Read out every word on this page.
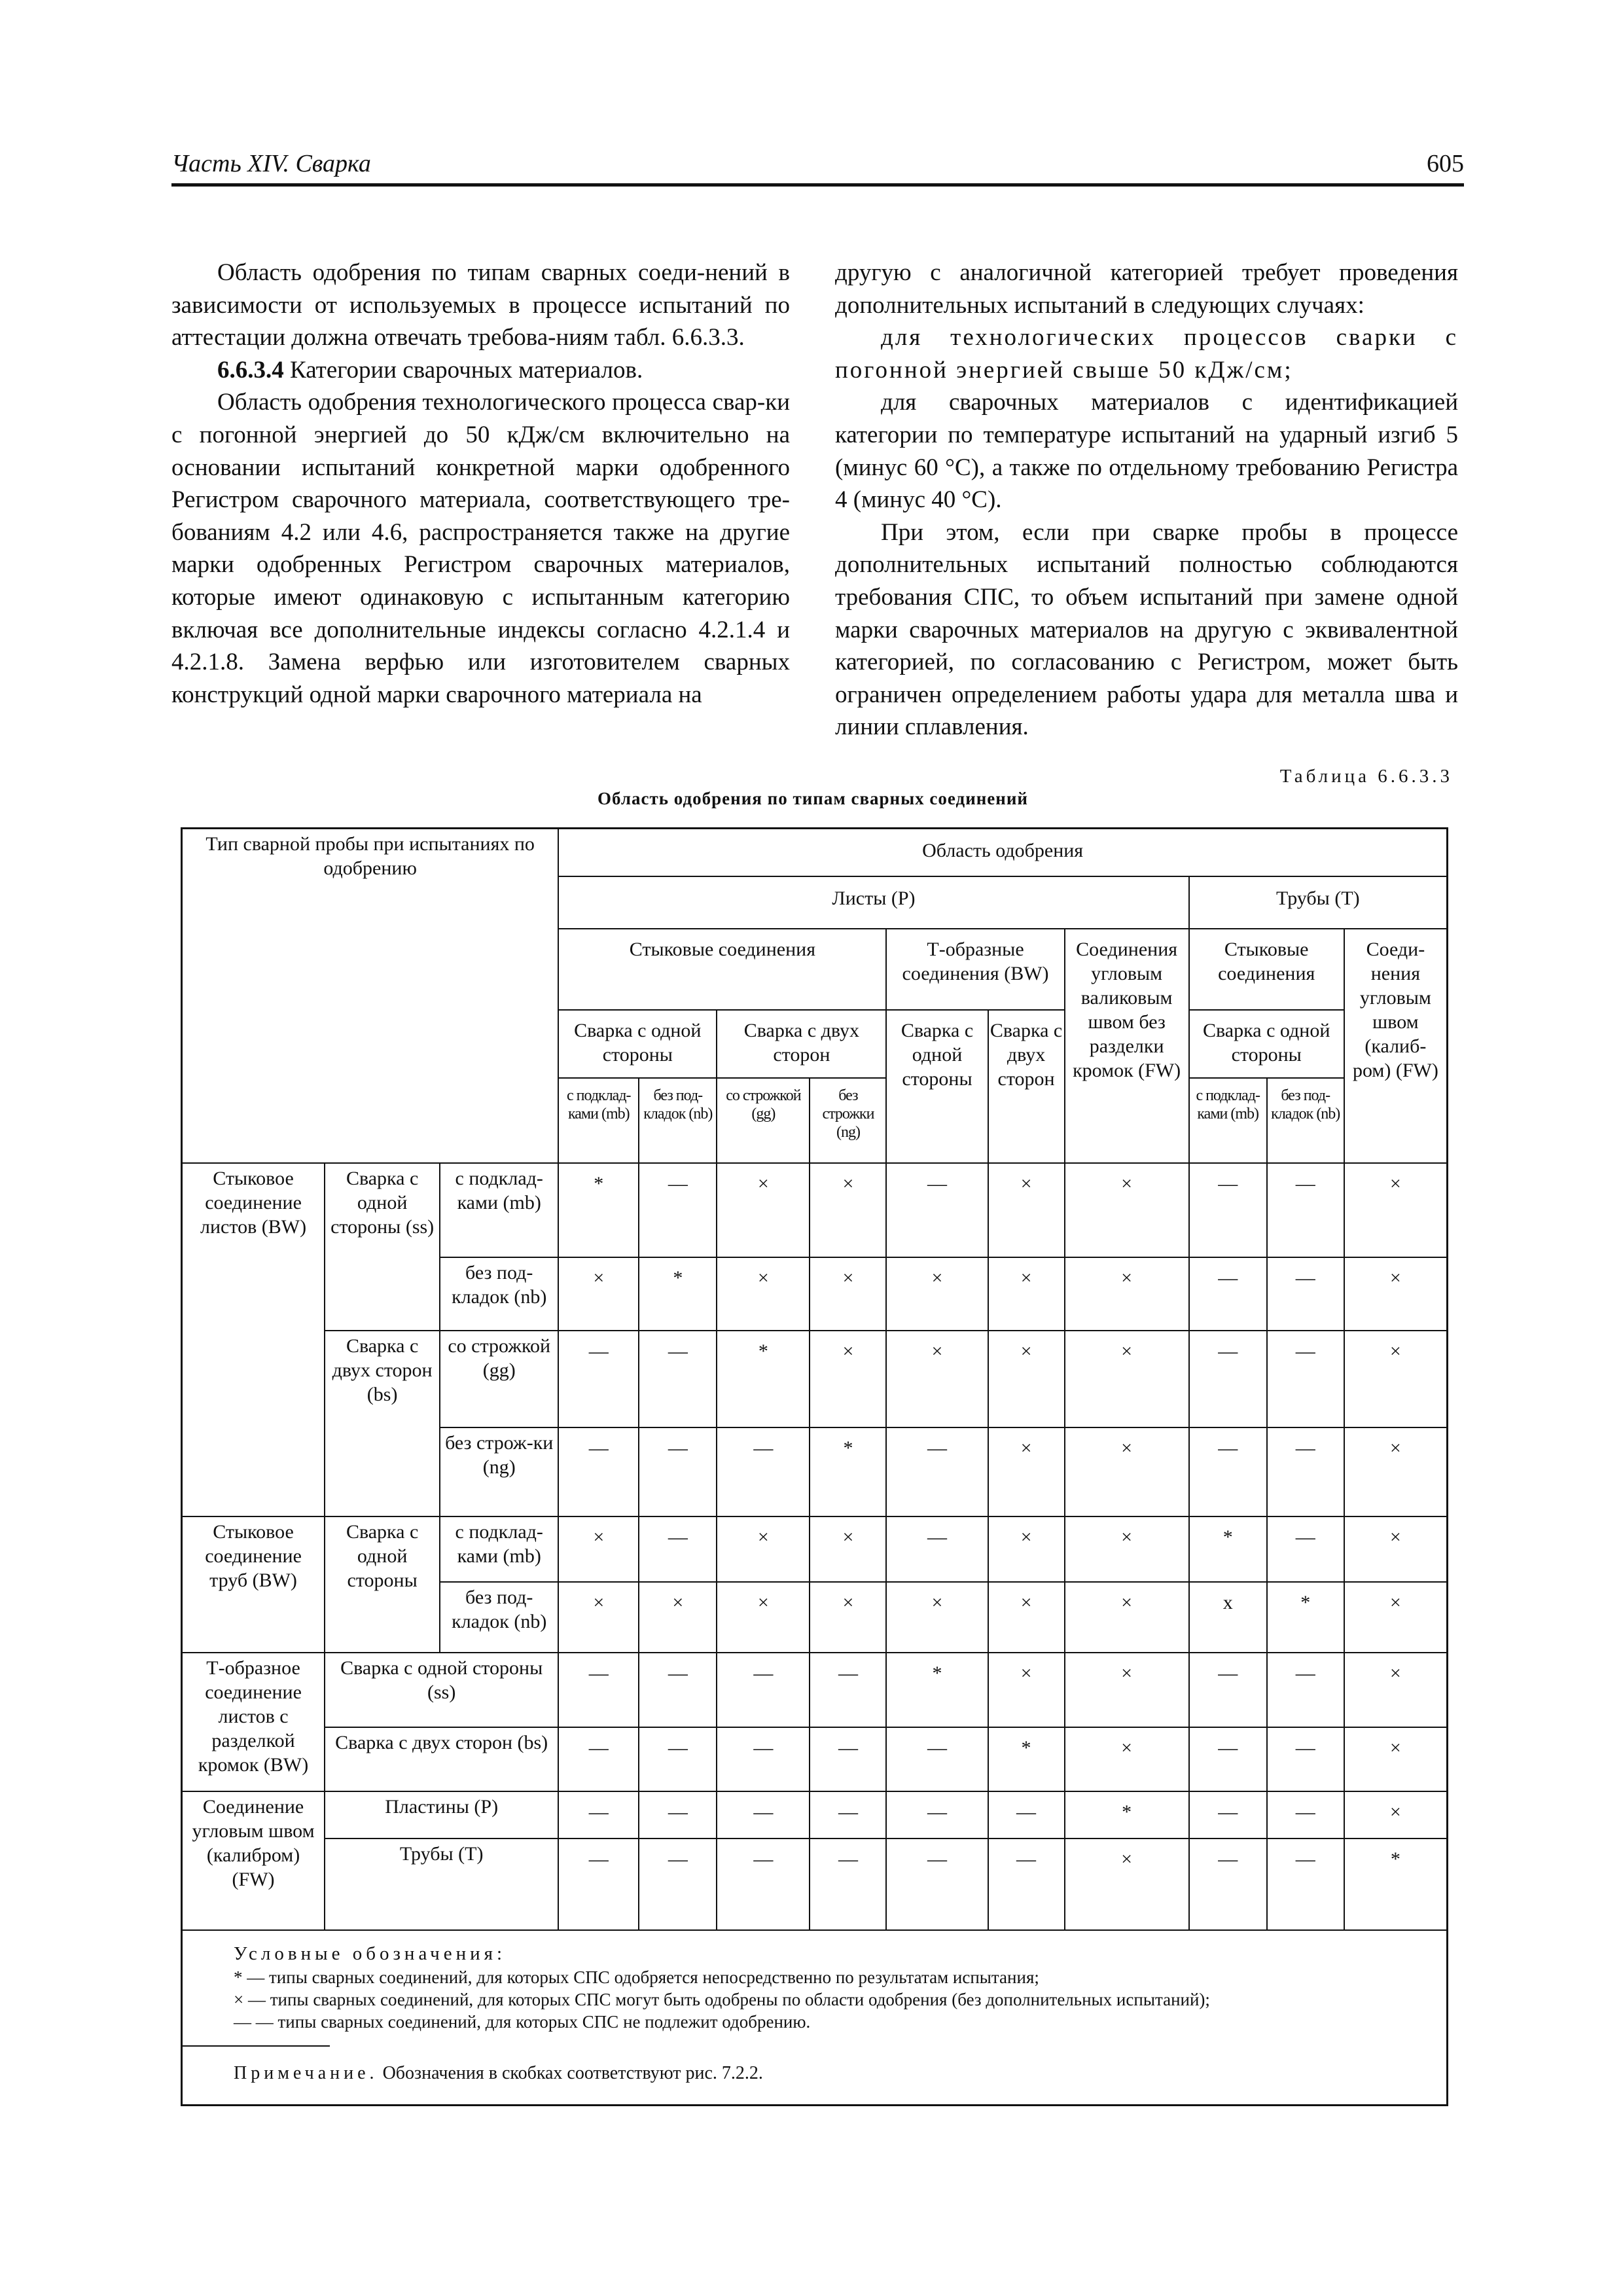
Часть XIV. Сварка	605

Область одобрения по типам сварных соеди-нений в зависимости от используемых в процессе испытаний по аттестации должна отвечать требова-ниям табл. 6.6.3.3.

6.6.3.4 Категории сварочных материалов.

Область одобрения технологического процесса свар-ки с погонной энергией до 50 кДж/см включительно на основании испытаний конкретной марки одобренного Регистром сварочного материала, соответствующего тре-бованиям 4.2 или 4.6, распространяется также на другие марки одобренных Регистром сварочных материалов, которые имеют одинаковую с испытанным категорию включая все дополнительные индексы согласно 4.2.1.4 и 4.2.1.8. Замена верфью или изготовителем сварных конструкций одной марки сварочного материала на

другую с аналогичной категорией требует проведения дополнительных испытаний в следующих случаях:

для технологических процессов сварки с погонной энергией свыше 50 кДж/см;

для сварочных материалов с идентификацией категории по температуре испытаний на ударный изгиб 5 (минус 60 °С), а также по отдельному требованию Регистра 4 (минус 40 °С).

При этом, если при сварке пробы в процессе дополнительных испытаний полностью соблюдаются требования СПС, то объем испытаний при замене одной марки сварочных материалов на другую с эквивалентной категорией, по согласованию с Регистром, может быть ограничен определением работы удара для металла шва и линии сплавления.

Таблица 6.6.3.3
Область одобрения по типам сварных соединений
Тип сварной пробы при испытаниях по одобрению			Область одобрения									
			Листы (P)							Трубы (T)		
			Стыковые соединения				Т-образные соединения (BW)		Соединения угловым валиковым швом без разделки кромок (FW)	Стыковые соединения		Соеди-нения угловым швом (калиб-ром) (FW)
			Сварка с одной стороны		Сварка с двух сторон		Сварка с одной стороны	Сварка с двух сторон		Сварка с одной стороны		
			с подклад-ками (mb)	без под-кладок (nb)	со строжкой (gg)	без строжки (ng)				с подклад-ками (mb)	без под-кладок (nb)	
Стыковое соединение листов (BW)	Сварка с одной стороны (ss)	с подклад-ками (mb)	*	—	×	×	—	×	×	—	—	×
		без под-кладок (nb)	×	*	×	×	×	×	×	—	—	×
	Сварка с двух сторон (bs)	со строжкой (gg)	—	—	*	×	×	×	×	—	—	×
		без строж-ки (ng)	—	—	—	*	—	×	×	—	—	×
Стыковое соединение труб (BW)	Сварка с одной стороны	с подклад-ками (mb)	×	—	×	×	—	×	×	*	—	×
		без под-кладок (nb)	×	×	×	×	×	×	×	x	*	×
Т-образное соединение листов с разделкой кромок (BW)	Сварка с одной стороны (ss)		—	—	—	—	*	×	×	—	—	×
	Сварка с двух сторон (bs)		—	—	—	—	—	*	×	—	—	×
Соединение угловым швом (калибром) (FW)	Пластины (P)		—	—	—	—	—	—	*	—	—	×
	Трубы (T)		—	—	—	—	—	—	×	—	—	*
Условные обозначения:
* — типы сварных соединений, для которых СПС одобряется непосредственно по результатам испытания;
× — типы сварных соединений, для которых СПС могут быть одобрены по области одобрения (без дополнительных испытаний);
— — типы сварных соединений, для которых СПС не подлежит одобрению.
Примечание. Обозначения в скобках соответствуют рис. 7.2.2.
